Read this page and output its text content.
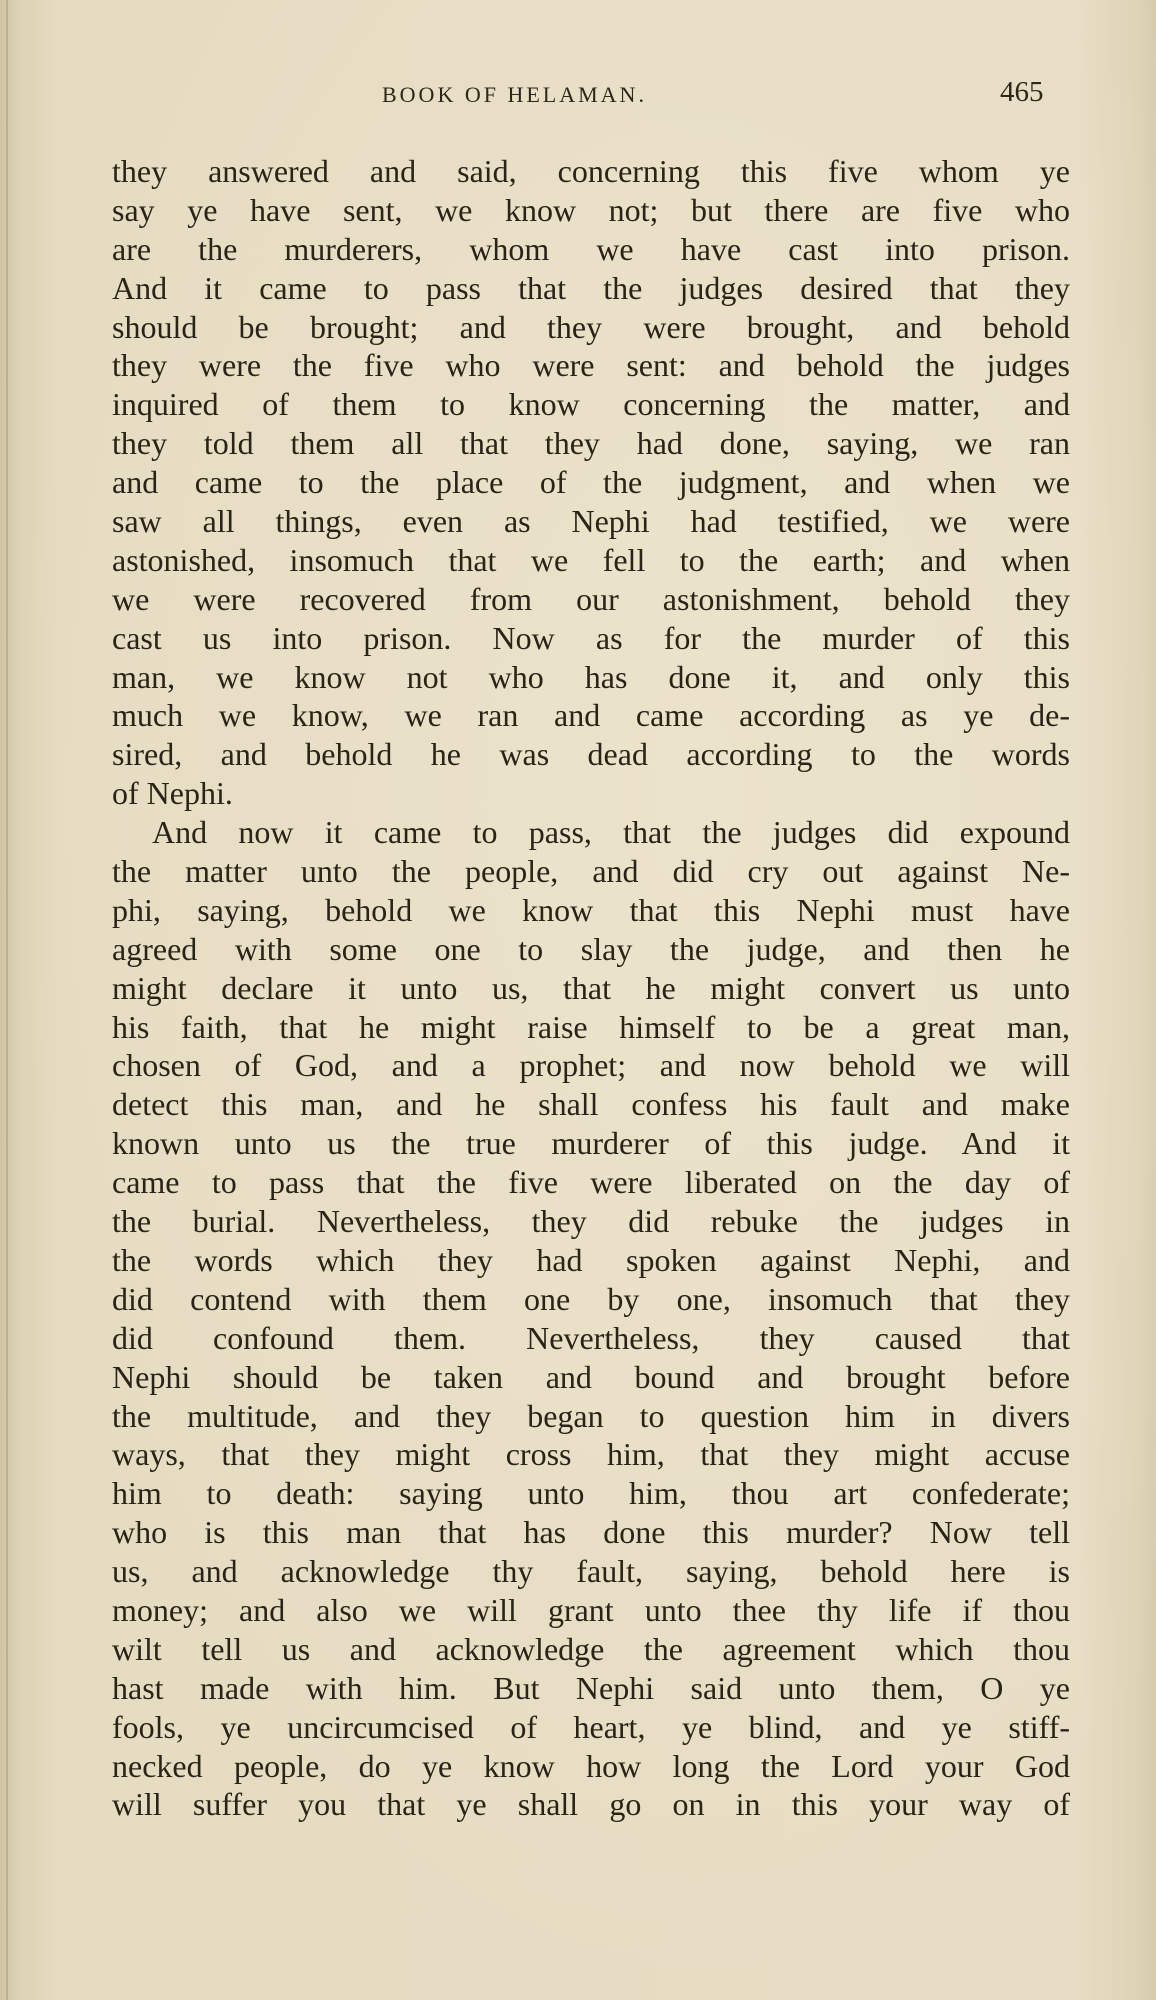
BOOK OF HELAMAN.	465
they answered and said, concerning this five whom ye
say ye have sent, we know not; but there are five who
are the murderers, whom we have cast into prison.
And it came to pass that the judges desired that they
should be brought; and they were brought, and behold
they were the five who were sent: and behold the judges
inquired of them to know concerning the matter, and
they told them all that they had done, saying, we ran
and came to the place of the judgment, and when we
saw all things, even as Nephi had testified, we were
astonished, insomuch that we fell to the earth; and when
we were recovered from our astonishment, behold they
cast us into prison. Now as for the murder of this
man, we know not who has done it, and only this
much we know, we ran and came according as ye de-
sired, and behold he was dead according to the words
of Nephi.
And now it came to pass, that the judges did expound
the matter unto the people, and did cry out against Ne-
phi, saying, behold we know that this Nephi must have
agreed with some one to slay the judge, and then he
might declare it unto us, that he might convert us unto
his faith, that he might raise himself to be a great man,
chosen of God, and a prophet; and now behold we will
detect this man, and he shall confess his fault and make
known unto us the true murderer of this judge. And it
came to pass that the five were liberated on the day of
the burial. Nevertheless, they did rebuke the judges in
the words which they had spoken against Nephi, and
did contend with them one by one, insomuch that they
did confound them. Nevertheless, they caused that
Nephi should be taken and bound and brought before
the multitude, and they began to question him in divers
ways, that they might cross him, that they might accuse
him to death: saying unto him, thou art confederate;
who is this man that has done this murder? Now tell
us, and acknowledge thy fault, saying, behold here is
money; and also we will grant unto thee thy life if thou
wilt tell us and acknowledge the agreement which thou
hast made with him. But Nephi said unto them, O ye
fools, ye uncircumcised of heart, ye blind, and ye stiff-
necked people, do ye know how long the Lord your God
will suffer you that ye shall go on in this your way of
